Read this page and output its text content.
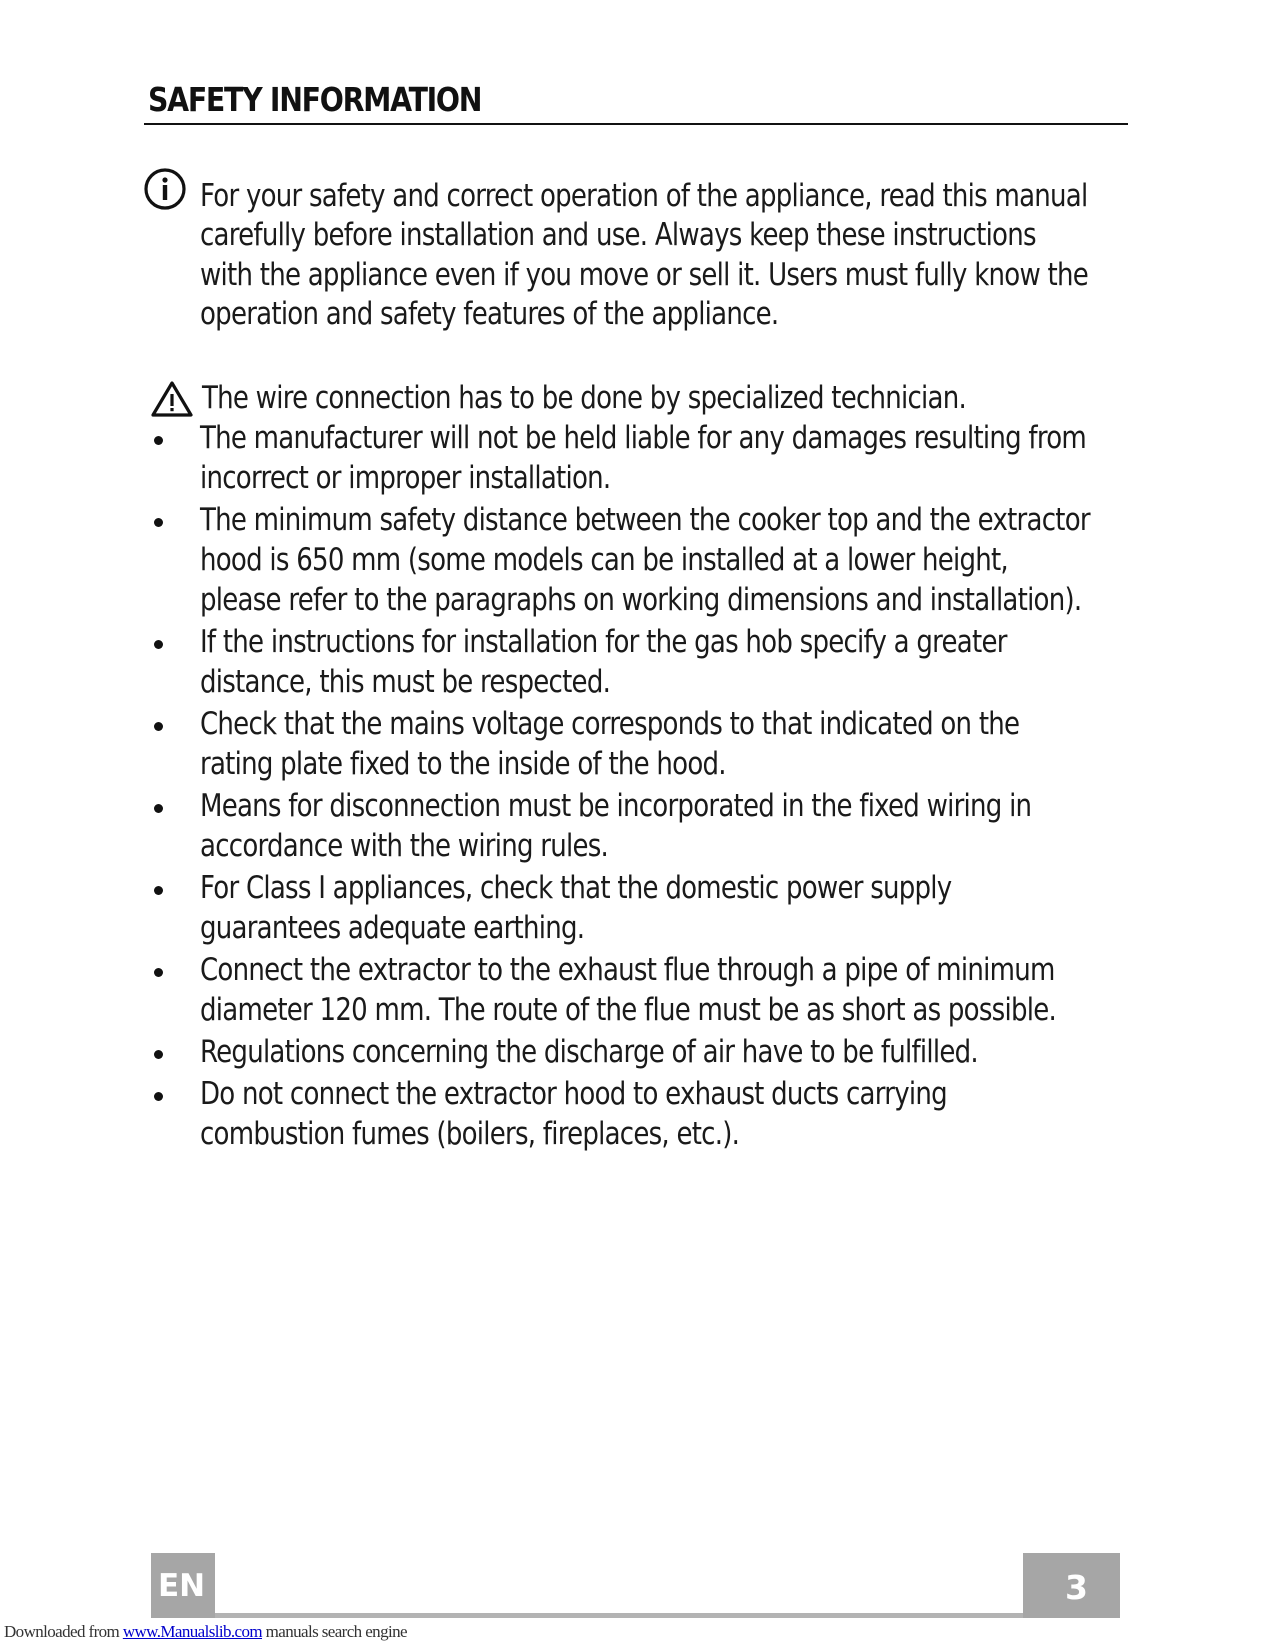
SAFETY INFORMATION
For your safety and correct operation of the appliance, read this manual
carefully before installation and use. Always keep these instructions
with the appliance even if you move or sell it. Users must fully know the
operation and safety features of the appliance.
The wire connection has to be done by specialized technician.
The manufacturer will not be held liable for any damages resulting from
incorrect or improper installation.
The minimum safety distance between the cooker top and the extractor
hood is 650 mm (some models can be installed at a lower height,
please refer to the paragraphs on working dimensions and installation).
If the instructions for installation for the gas hob specify a greater
distance, this must be respected.
Check that the mains voltage corresponds to that indicated on the
rating plate fixed to the inside of the hood.
Means for disconnection must be incorporated in the fixed wiring in
accordance with the wiring rules.
For Class I appliances, check that the domestic power supply
guarantees adequate earthing.
Connect the extractor to the exhaust flue through a pipe of minimum
diameter 120 mm. The route of the flue must be as short as possible.
Regulations concerning the discharge of air have to be fulfilled.
Do not connect the extractor hood to exhaust ducts carrying
combustion fumes (boilers, fireplaces, etc.).
EN	3
Downloaded from www.Manualslib.com manuals search engine
